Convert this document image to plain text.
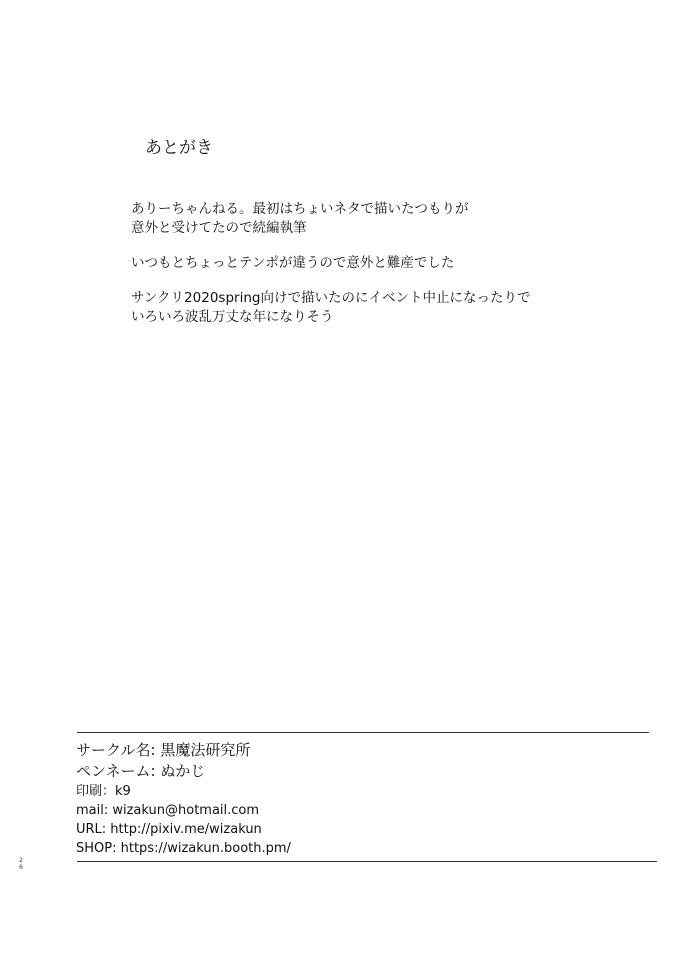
あとがき
ありーちゃんねる。最初はちょいネタで描いたつもりが
意外と受けてたので続編執筆
いつもとちょっとテンポが違うので意外と難産でした
サンクリ2020spring向けで描いたのにイベント中止になったりで
いろいろ波乱万丈な年になりそう
サークル名: 黒魔法研究所
ペンネーム: ぬかじ
印刷：k9
mail: wizakun@hotmail.com
URL: http://pixiv.me/wizakun
SHOP: https://wizakun.booth.pm/
2
6
